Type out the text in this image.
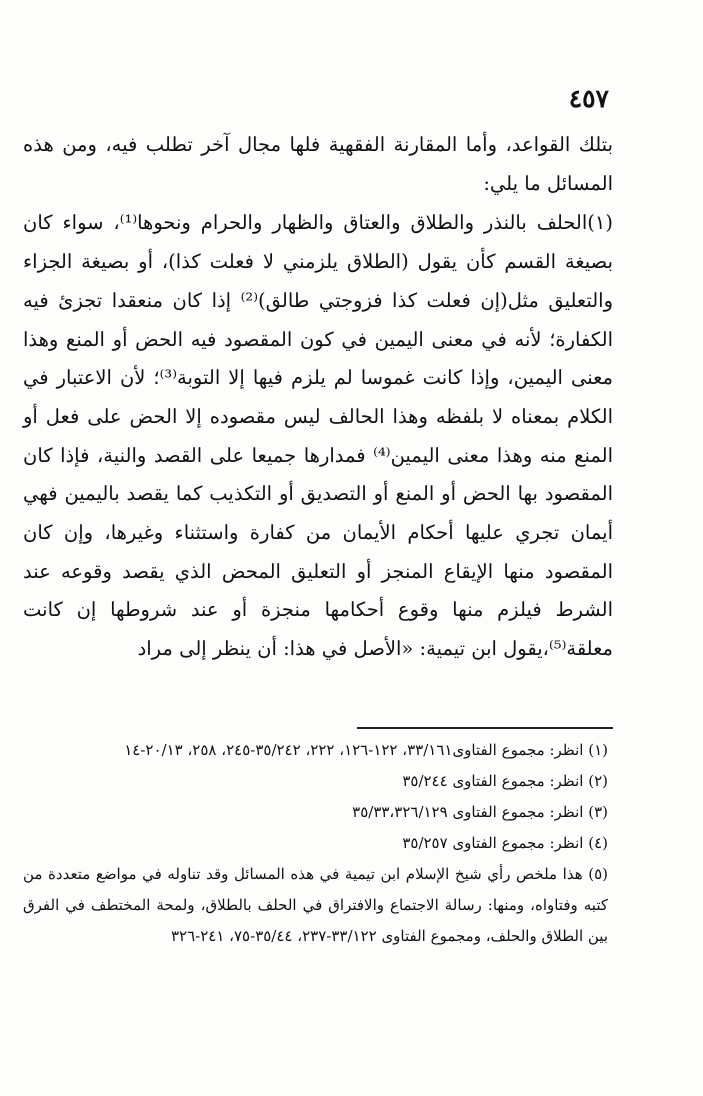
٤٥٧

بتلك القواعد، وأما المقارنة الفقهية فلها مجال آخر تطلب فيه، ومن هذه المسائل ما يلي:

(١)الحلف بالنذر والطلاق والعتاق والظهار والحرام ونحوها⁽¹⁾، سواء كان بصيغة القسم كأن يقول (الطلاق يلزمني لا فعلت كذا)، أو بصيغة الجزاء والتعليق مثل(إن فعلت كذا فزوجتي طالق)⁽²⁾ إذا كان منعقدا تجزئ فيه الكفارة؛ لأنه في معنى اليمين في كون المقصود فيه الحض أو المنع وهذا معنى اليمين، وإذا كانت غموسا لم يلزم فيها إلا التوبة⁽³⁾؛ لأن الاعتبار في الكلام بمعناه لا بلفظه وهذا الحالف ليس مقصوده إلا الحض على فعل أو المنع منه وهذا معنى اليمين⁽⁴⁾ فمدارها جميعا على القصد والنية، فإذا كان المقصود بها الحض أو المنع أو التصديق أو التكذيب كما يقصد باليمين فهي أيمان تجري عليها أحكام الأيمان من كفارة واستثناء وغيرها، وإن كان المقصود منها الإيقاع المنجز أو التعليق المحض الذي يقصد وقوعه عند الشرط فيلزم منها وقوع أحكامها منجزة أو عند شروطها إن كانت معلقة⁽⁵⁾،يقول ابن تيمية: «الأصل في هذا: أن ينظر إلى مراد

(١) انظر: مجموع الفتاوى٣٣/١٦١، ١٢٢-١٢٦، ٢٢٢، ٣٥/٢٤٢-٢٤٥، ٢٥٨، ٢٠/١٣-١٤

(٢) انظر: مجموع الفتاوى ٣٥/٢٤٤

(٣) انظر: مجموع الفتاوى ٣٥/٣٣،٣٢٦/١٢٩

(٤) انظر: مجموع الفتاوى ٣٥/٢٥٧

(٥) هذا ملخص رأي شيخ الإسلام ابن تيمية في هذه المسائل وقد تناوله في مواضع متعددة من كتبه وفتاواه، ومنها: رسالة الاجتماع والافتراق في الحلف بالطلاق، ولمحة المختطف في الفرق بين الطلاق والحلف، ومجموع الفتاوى ٣٣/١٢٢-٢٣٧، ٣٥/٤٤-٧٥، ٢٤١-٣٢٦
